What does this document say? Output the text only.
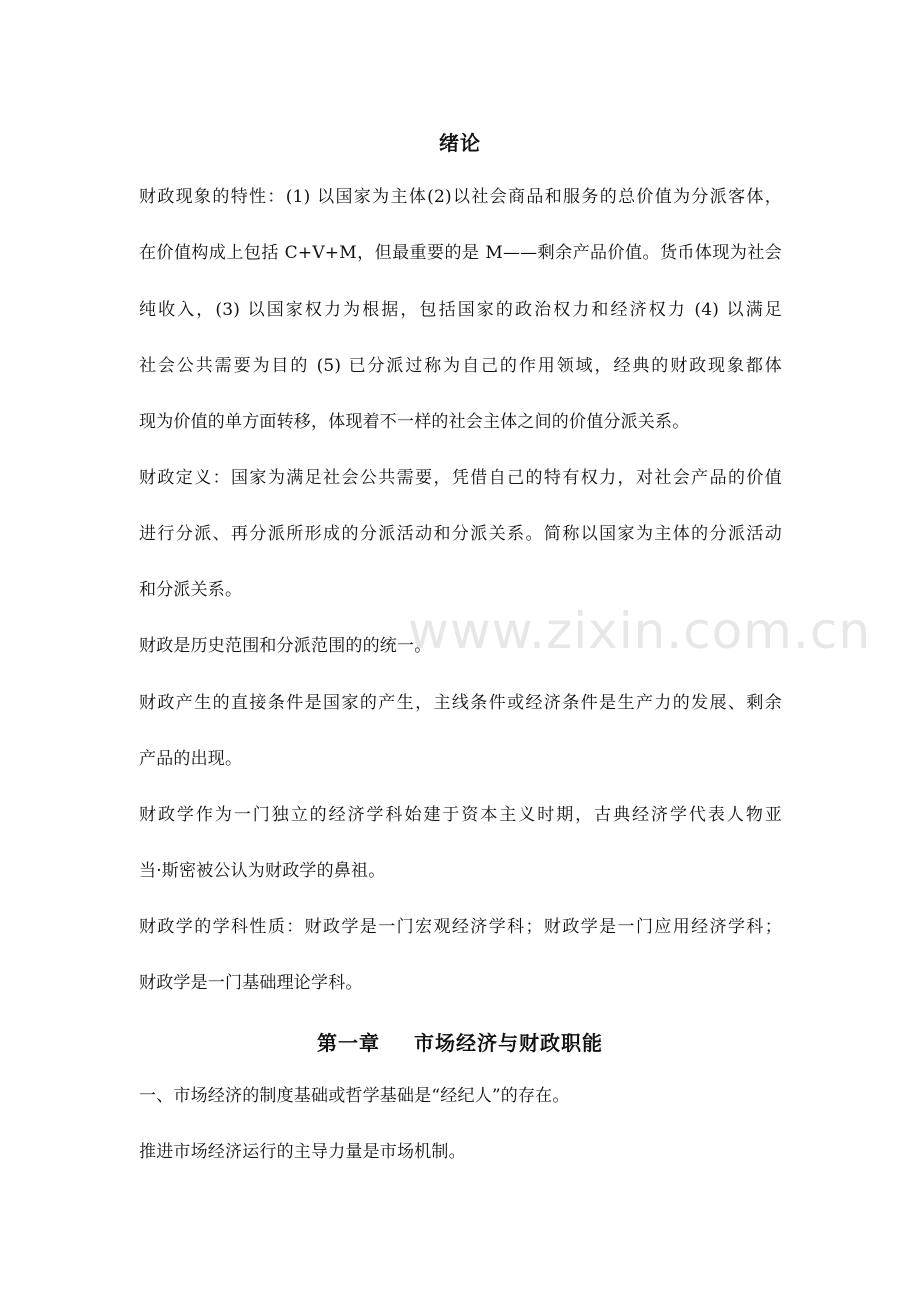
绪论
www.zixin.com.cn

财政现象的特性：(1) 以国家为主体(2)以社会商品和服务的总价值为分派客体，

在价值构成上包括 C+V+M，但最重要的是 M——剩余产品价值。货币体现为社会

纯收入，(3) 以国家权力为根据，包括国家的政治权力和经济权力 (4) 以满足

社会公共需要为目的 (5) 已分派过称为自己的作用领域，经典的财政现象都体

现为价值的单方面转移，体现着不一样的社会主体之间的价值分派关系。

财政定义：国家为满足社会公共需要，凭借自己的特有权力，对社会产品的价值

进行分派、再分派所形成的分派活动和分派关系。简称以国家为主体的分派活动

和分派关系。

财政是历史范围和分派范围的的统一。

财政产生的直接条件是国家的产生，主线条件或经济条件是生产力的发展、剩余

产品的出现。

财政学作为一门独立的经济学科始建于资本主义时期，古典经济学代表人物亚

当·斯密被公认为财政学的鼻祖。

财政学的学科性质：财政学是一门宏观经济学科；财政学是一门应用经济学科；

财政学是一门基础理论学科。

第一章 市场经济与财政职能

一、市场经济的制度基础或哲学基础是“经纪人”的存在。

推进市场经济运行的主导力量是市场机制。
